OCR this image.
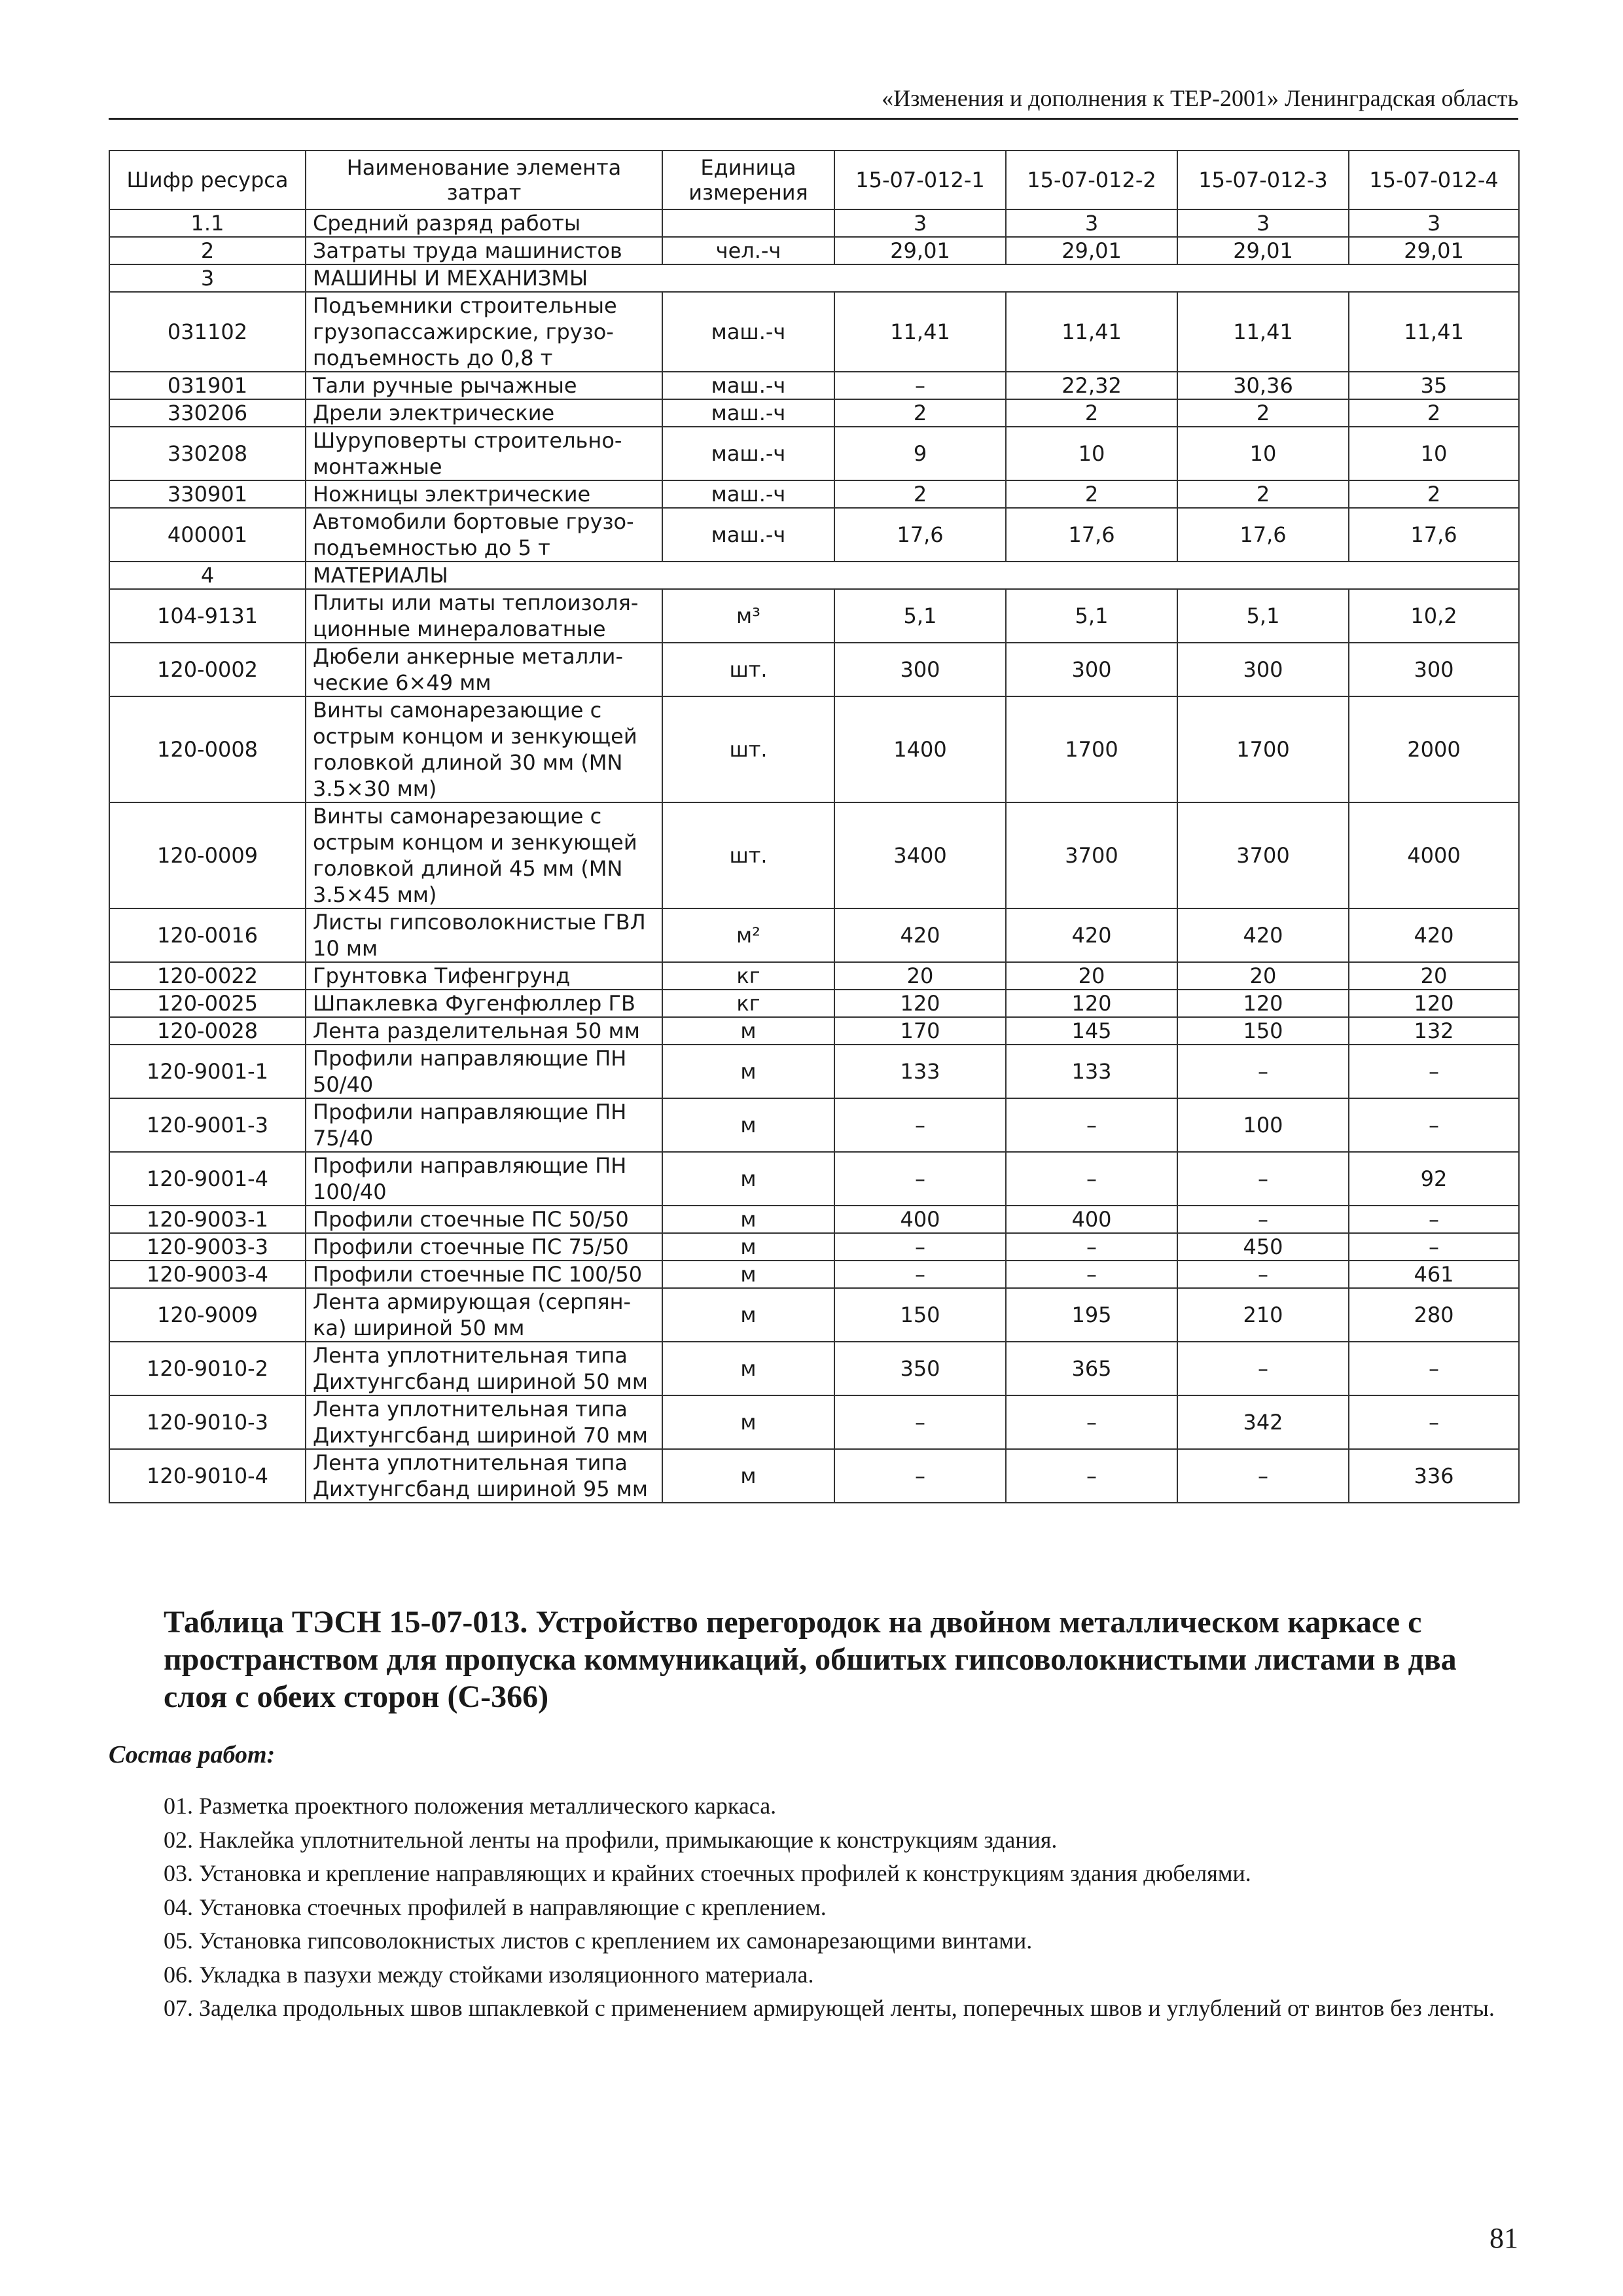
«Изменения и дополнения к ТЕР-2001» Ленинградская область
Шифр ресурса	Наименование элемента затрат	Единица измерения	15-07-012-1	15-07-012-2	15-07-012-3	15-07-012-4
1.1	Средний разряд работы		3	3	3	3
2	Затраты труда машинистов	чел.-ч	29,01	29,01	29,01	29,01
3	МАШИНЫ И МЕХАНИЗМЫ					
031102	Подъемники строительные грузопассажирские, грузо-подъемность до 0,8 т	маш.-ч	11,41	11,41	11,41	11,41
031901	Тали ручные рычажные	маш.-ч	–	22,32	30,36	35
330206	Дрели электрические	маш.-ч	2	2	2	2
330208	Шуруповерты строительно-монтажные	маш.-ч	9	10	10	10
330901	Ножницы электрические	маш.-ч	2	2	2	2
400001	Автомобили бортовые грузо-подъемностью до 5 т	маш.-ч	17,6	17,6	17,6	17,6
4	МАТЕРИАЛЫ					
104-9131	Плиты или маты теплоизоля-ционные минераловатные	м³	5,1	5,1	5,1	10,2
120-0002	Дюбели анкерные металли-ческие 6×49 мм	шт.	300	300	300	300
120-0008	Винты самонарезающие с острым концом и зенкующей головкой длиной 30 мм (MN 3.5×30 мм)	шт.	1400	1700	1700	2000
120-0009	Винты самонарезающие с острым концом и зенкующей головкой длиной 45 мм (MN 3.5×45 мм)	шт.	3400	3700	3700	4000
120-0016	Листы гипсоволокнистые ГВЛ 10 мм	м²	420	420	420	420
120-0022	Грунтовка Тифенгрунд	кг	20	20	20	20
120-0025	Шпаклевка Фугенфюллер ГВ	кг	120	120	120	120
120-0028	Лента разделительная 50 мм	м	170	145	150	132
120-9001-1	Профили направляющие ПН 50/40	м	133	133	–	–
120-9001-3	Профили направляющие ПН 75/40	м	–	–	100	–
120-9001-4	Профили направляющие ПН 100/40	м	–	–	–	92
120-9003-1	Профили стоечные ПС 50/50	м	400	400	–	–
120-9003-3	Профили стоечные ПС 75/50	м	–	–	450	–
120-9003-4	Профили стоечные ПС 100/50	м	–	–	–	461
120-9009	Лента армирующая (серпян-ка) шириной 50 мм	м	150	195	210	280
120-9010-2	Лента уплотнительная типа Дихтунгсбанд шириной 50 мм	м	350	365	–	–
120-9010-3	Лента уплотнительная типа Дихтунгсбанд шириной 70 мм	м	–	–	342	–
120-9010-4	Лента уплотнительная типа Дихтунгсбанд шириной 95 мм	м	–	–	–	336
Таблица ТЭСН 15-07-013. Устройство перегородок на двойном металлическом каркасе с пространством для пропуска коммуникаций, обшитых гипсоволокнистыми листами в два слоя с обеих сторон (С-366)
Состав работ:
01. Разметка проектного положения металлического каркаса.
02. Наклейка уплотнительной ленты на профили, примыкающие к конструкциям здания.
03. Установка и крепление направляющих и крайних стоечных профилей к конструкциям здания дюбелями.
04. Установка стоечных профилей в направляющие с креплением.
05. Установка гипсоволокнистых листов с креплением их самонарезающими винтами.
06. Укладка в пазухи между стойками изоляционного материала.
07. Заделка продольных швов шпаклевкой с применением армирующей ленты, поперечных швов и углублений от винтов без ленты.
81
